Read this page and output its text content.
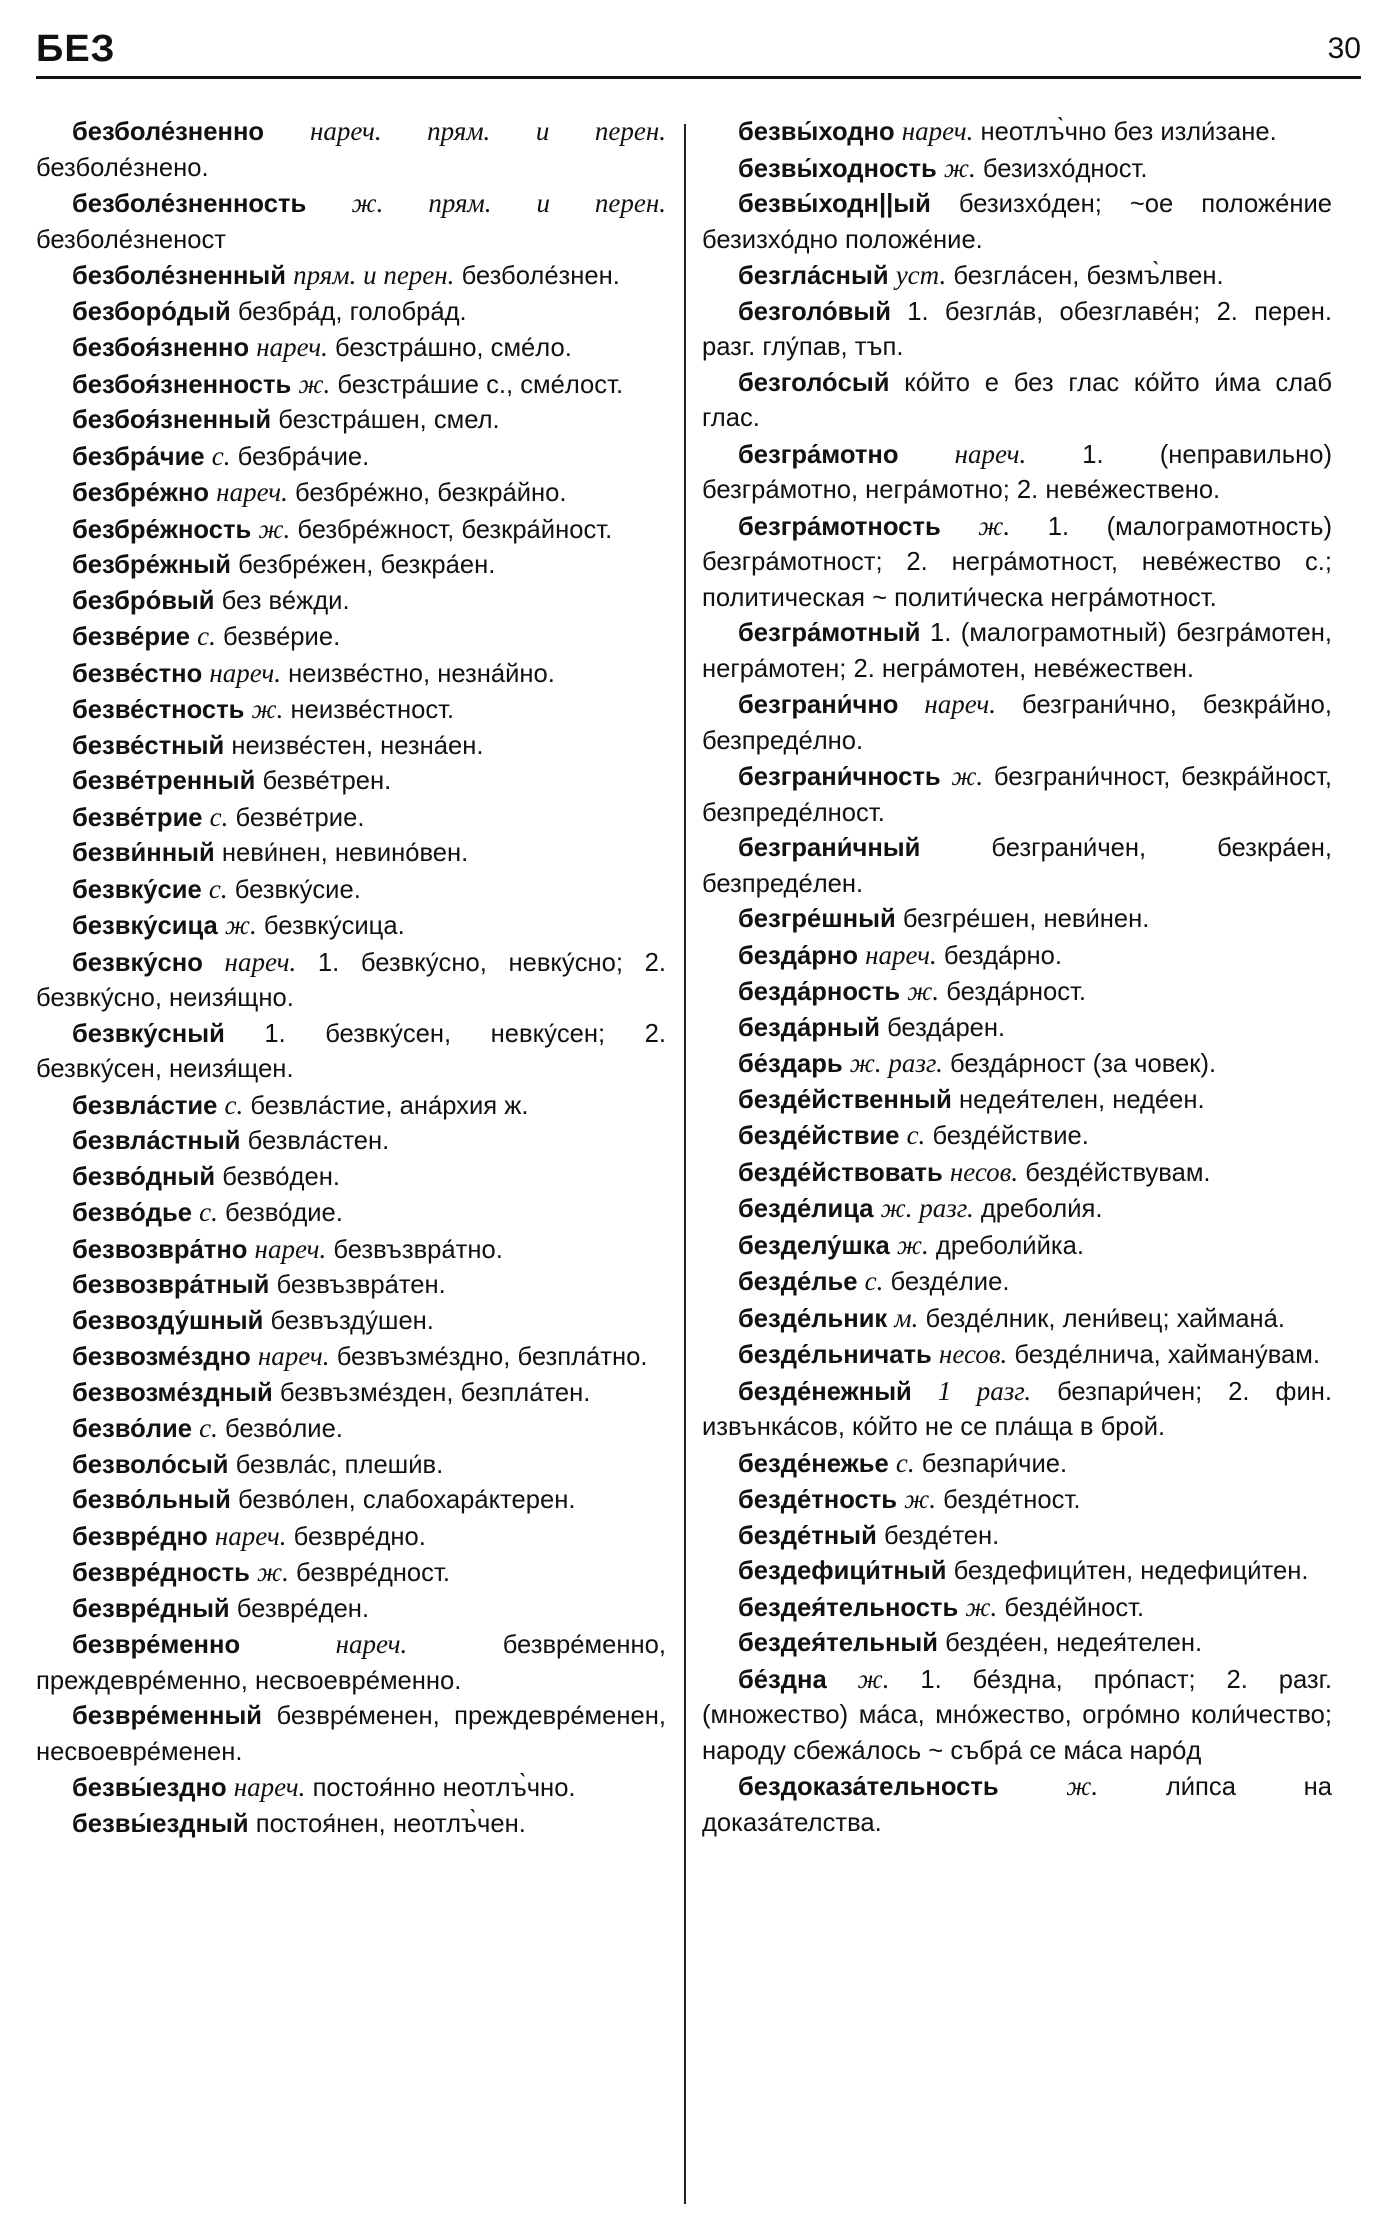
БЕЗ	30

безболе́зненно нареч. прям. и перен. безболе́знено.

безболе́зненность ж. прям. и перен. безболе́зненост

безболе́зненный прям. и перен. безболе́знен.

безборо́дый безбра́д, голобра́д.

безбоя́зненно нареч. безстра́шно, сме́ло.

безбоя́зненность ж. безстра́шие с., сме́лост.

безбоя́зненный безстра́шен, смел.

безбра́чие с. безбра́чие.

безбре́жно нареч. безбре́жно, безкра́йно.

безбре́жность ж. безбре́жност, безкра́йност.

безбре́жный безбре́жен, безкра́ен.

безбро́вый без ве́жди.

безве́рие с. безве́рие.

безве́стно нареч. неизве́стно, незна́йно.

безве́стность ж. неизве́стност.

безве́стный неизве́стен, незна́ен.

безве́тренный безве́трен.

безве́трие с. безве́трие.

безви́нный неви́нен, невино́вен.

безвку́сие с. безвку́сие.

безвку́сица ж. безвку́сица.

безвку́сно нареч. 1. безвку́сно, невку́сно; 2. безвку́сно, неизя́щно.

безвку́сный 1. безвку́сен, невку́сен; 2. безвку́сен, неизя́щен.

безвла́стие с. безвла́стие, ана́рхия ж.

безвла́стный безвла́стен.

безво́дный безво́ден.

безво́дье с. безво́дие.

безвозвра́тно нареч. безвъзвра́тно.

безвозвра́тный безвъзвра́тен.

безвозду́шный безвъзду́шен.

безвозме́здно нареч. безвъзме́здно, безпла́тно.

безвозме́здный безвъзме́зден, безпла́тен.

безво́лие с. безво́лие.

безволо́сый безвла́с, плеши́в.

безво́льный безво́лен, слабохара́ктерен.

безвре́дно нареч. безвре́дно.

безвре́дность ж. безвре́дност.

безвре́дный безвре́ден.

безвре́менно	нареч.	безвре́менно, преждевре́менно, несвоевре́менно.

безвре́менный безвре́менен, преждевре́менен, несвоевре́менен.

безвы́ездно нареч. постоя́нно неотлъ̀чно.

безвы́ездный постоя́нен, неотлъ̀чен.

безвы́ходно нареч. неотлъ̀чно без изли́зане.

безвы́ходность ж. безизхо́дност.

безвы́ходн||ый безизхо́ден; ~ое положе́ние безизхо́дно положе́ние.

безгла́сный уст. безгла́сен, безмъ̀лвен.

безголо́вый 1. безгла́в, обезглаве́н; 2. перен. разг. глу́пав, тъп.

безголо́сый ко́йто е без глас ко́йто и́ма слаб глас.

безгра́мотно нареч. 1. (неправильно) безгра́мотно, негра́мотно; 2. неве́жествено.

безгра́мотность ж. 1. (малограмотность) безгра́мотност; 2. негра́мотност, неве́жество с.; политическая ~ полити́ческа негра́мотност.

безгра́мотный 1. (малограмотный) безгра́мотен, негра́мотен; 2. негра́мотен, неве́жествен.

безграни́чно нареч. безграни́чно, безкра́йно, безпреде́лно.

безграни́чность ж. безграни́чност, безкра́йност, безпреде́лност.

безграни́чный	безграни́чен, безкра́ен, безпреде́лен.

безгре́шный безгре́шен, неви́нен.

безда́рно нареч. безда́рно.

безда́рность ж. безда́рност.

безда́рный безда́рен.

бе́здарь ж. разг. безда́рност (за човек).

безде́йственный недея́телен, неде́ен.

безде́йствие с. безде́йствие.

безде́йствовать несов. безде́йствувам.

безде́лица ж. разг. дреболи́я.

безделу́шка ж. дреболи́йка.

безде́лье с. безде́лие.

безде́льник м. безде́лник, лени́вец; хаймана́.

безде́льничать несов. безде́лнича, хайману́вам.

безде́нежный 1 разг. безпари́чен; 2. фин. извънка́сов, ко́йто не се пла́ща в брой.

безде́нежье с. безпари́чие.

безде́тность ж. безде́тност.

безде́тный безде́тен.

бездефици́тный бездефици́тен, недефици́тен.

бездея́тельность ж. безде́йност.

бездея́тельный безде́ен, недея́телен.

бе́здна ж. 1. бе́здна, про́паст; 2. разг. (множество) ма́са, мно́жество, огро́мно коли́чество; народу сбежа́лось ~ събра́ се ма́са наро́д

бездоказа́тельность	ж.	ли́пса на доказа́телства.
